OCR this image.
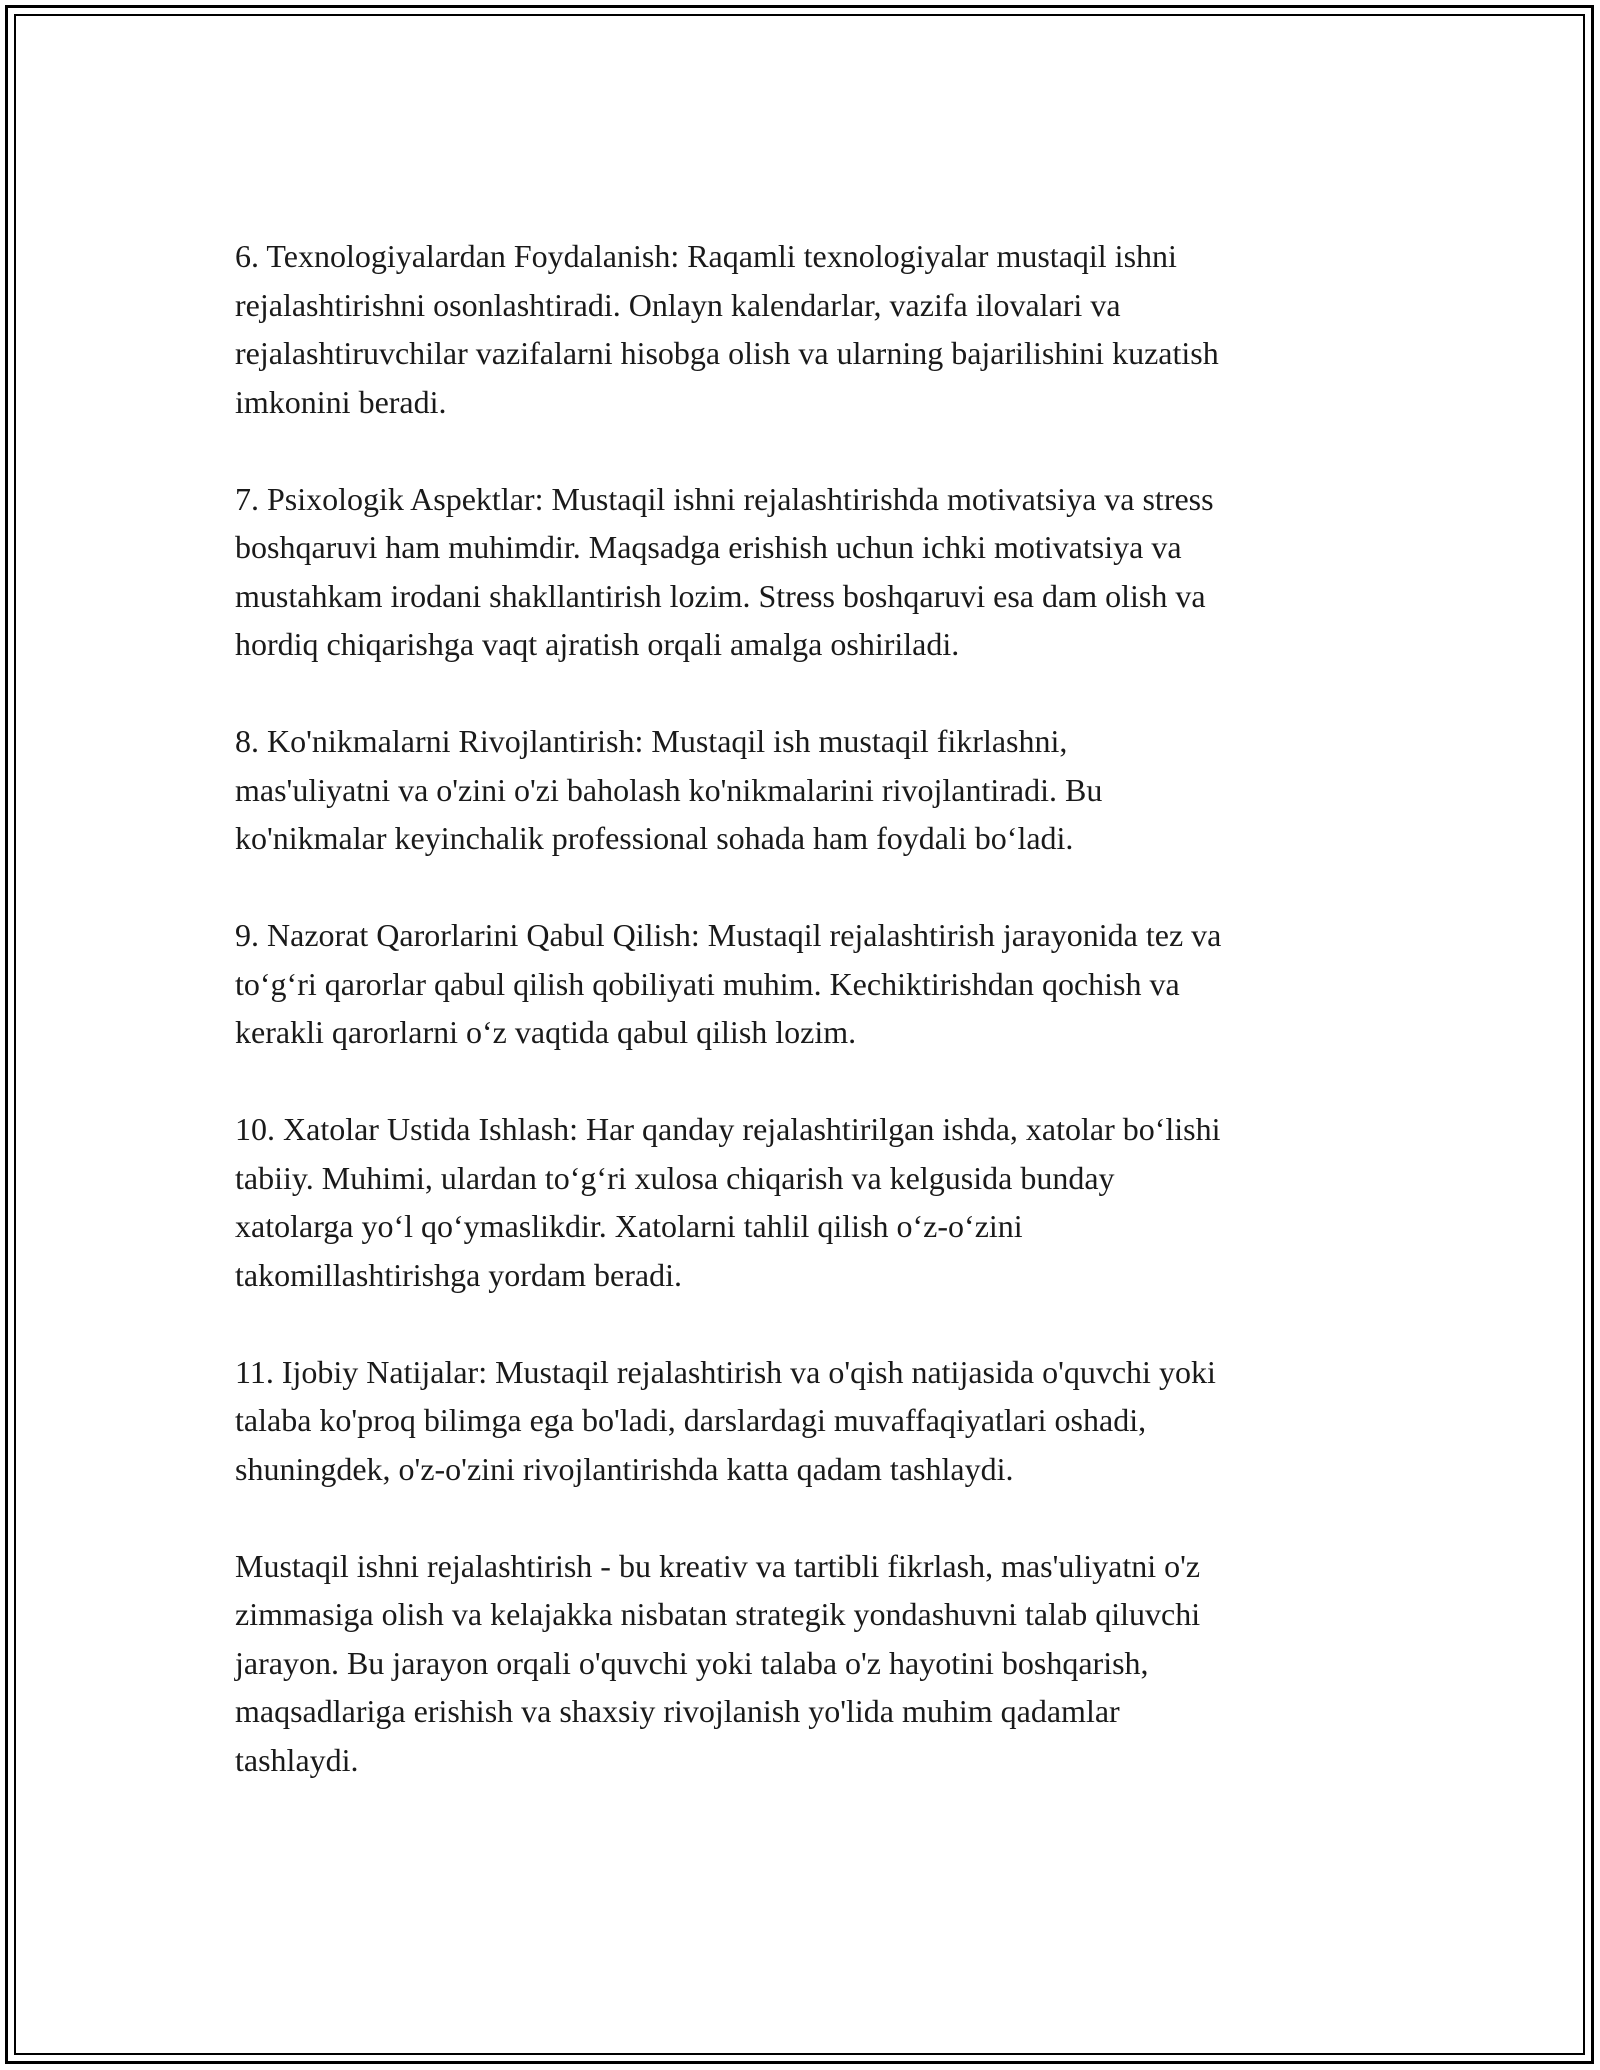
6. Texnologiyalardan Foydalanish: Raqamli texnologiyalar mustaqil ishni
rejalashtirishni osonlashtiradi. Onlayn kalendarlar, vazifa ilovalari va
rejalashtiruvchilar vazifalarni hisobga olish va ularning bajarilishini kuzatish
imkonini beradi.

7. Psixologik Aspektlar: Mustaqil ishni rejalashtirishda motivatsiya va stress
boshqaruvi ham muhimdir. Maqsadga erishish uchun ichki motivatsiya va
mustahkam irodani shakllantirish lozim. Stress boshqaruvi esa dam olish va
hordiq chiqarishga vaqt ajratish orqali amalga oshiriladi.

8. Ko'nikmalarni Rivojlantirish: Mustaqil ish mustaqil fikrlashni,
mas'uliyatni va o'zini o'zi baholash ko'nikmalarini rivojlantiradi. Bu
ko'nikmalar keyinchalik professional sohada ham foydali bo‘ladi.

9. Nazorat Qarorlarini Qabul Qilish: Mustaqil rejalashtirish jarayonida tez va
to‘g‘ri qarorlar qabul qilish qobiliyati muhim. Kechiktirishdan qochish va
kerakli qarorlarni o‘z vaqtida qabul qilish lozim.

10. Xatolar Ustida Ishlash: Har qanday rejalashtirilgan ishda, xatolar bo‘lishi
tabiiy. Muhimi, ulardan to‘g‘ri xulosa chiqarish va kelgusida bunday
xatolarga yo‘l qo‘ymaslikdir. Xatolarni tahlil qilish o‘z-o‘zini
takomillashtirishga yordam beradi.

11. Ijobiy Natijalar: Mustaqil rejalashtirish va o'qish natijasida o'quvchi yoki
talaba ko'proq bilimga ega bo'ladi, darslardagi muvaffaqiyatlari oshadi,
shuningdek, o'z-o'zini rivojlantirishda katta qadam tashlaydi.

Mustaqil ishni rejalashtirish - bu kreativ va tartibli fikrlash, mas'uliyatni o'z
zimmasiga olish va kelajakka nisbatan strategik yondashuvni talab qiluvchi
jarayon. Bu jarayon orqali o'quvchi yoki talaba o'z hayotini boshqarish,
maqsadlariga erishish va shaxsiy rivojlanish yo'lida muhim qadamlar
tashlaydi.
